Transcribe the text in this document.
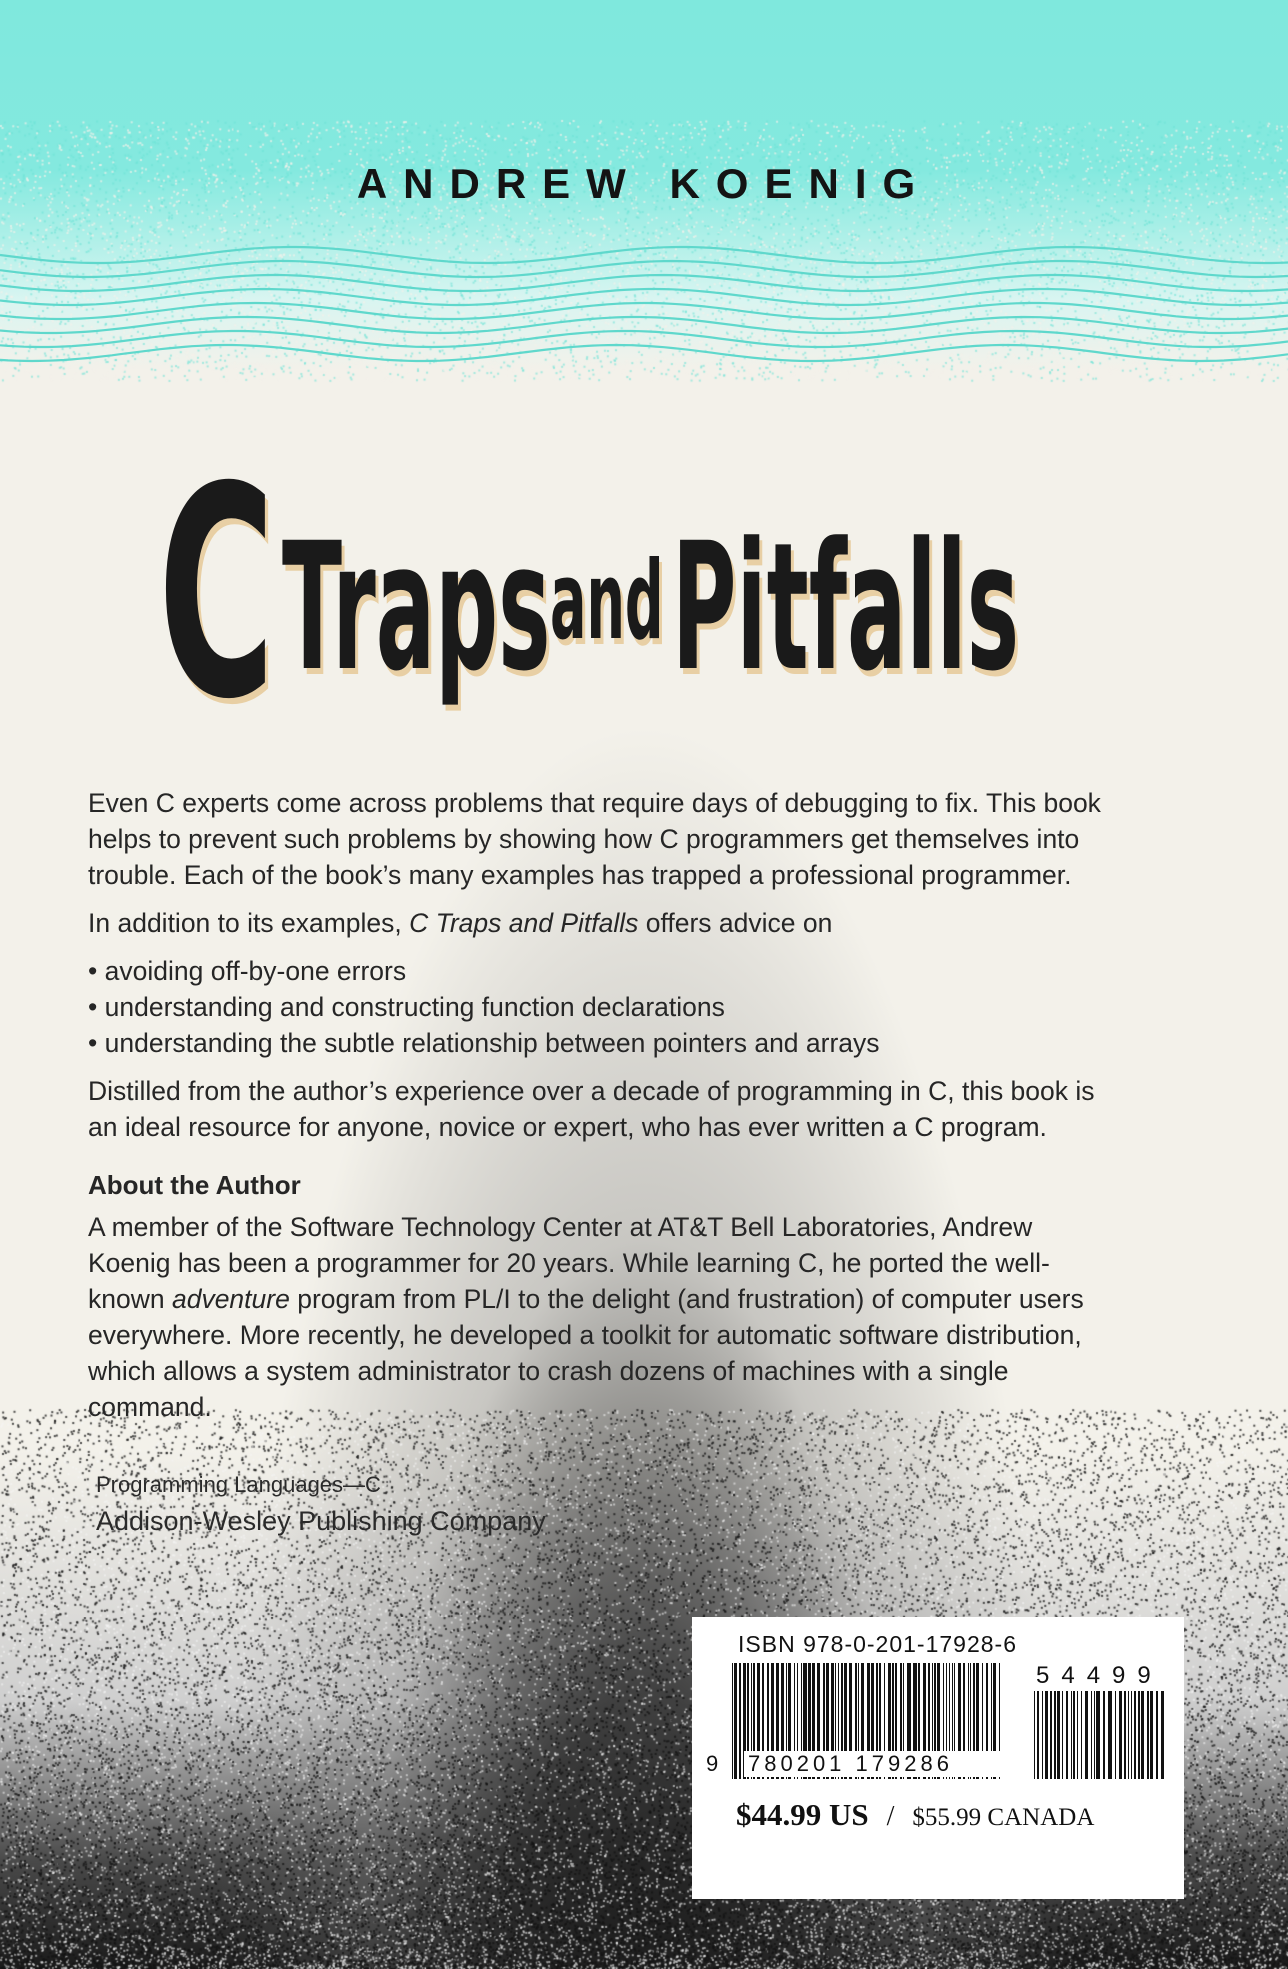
ANDREW KOENIG
C Traps and Pitfalls

Even C experts come across problems that require days of debugging to fix. This book helps to prevent such problems by showing how C programmers get themselves into trouble. Each of the book’s many examples has trapped a professional programmer.

In addition to its examples, C Traps and Pitfalls offers advice on

• avoiding off-by-one errors
• understanding and constructing function declarations
• understanding the subtle relationship between pointers and arrays

Distilled from the author’s experience over a decade of programming in C, this book is an ideal resource for anyone, novice or expert, who has ever written a C program.

About the Author

A member of the Software Technology Center at AT&T Bell Laboratories, Andrew Koenig has been a programmer for 20 years. While learning C, he ported the well-known adventure program from PL/I to the delight (and frustration) of computer users everywhere. More recently, he developed a toolkit for automatic software distribution, which allows a system administrator to crash dozens of machines with a single command.

Programming Languages—C
Addison-Wesley Publishing Company
ISBN 978-0-201-17928-6
54499
9 780201 179286
$44.99 US / $55.99 CANADA
